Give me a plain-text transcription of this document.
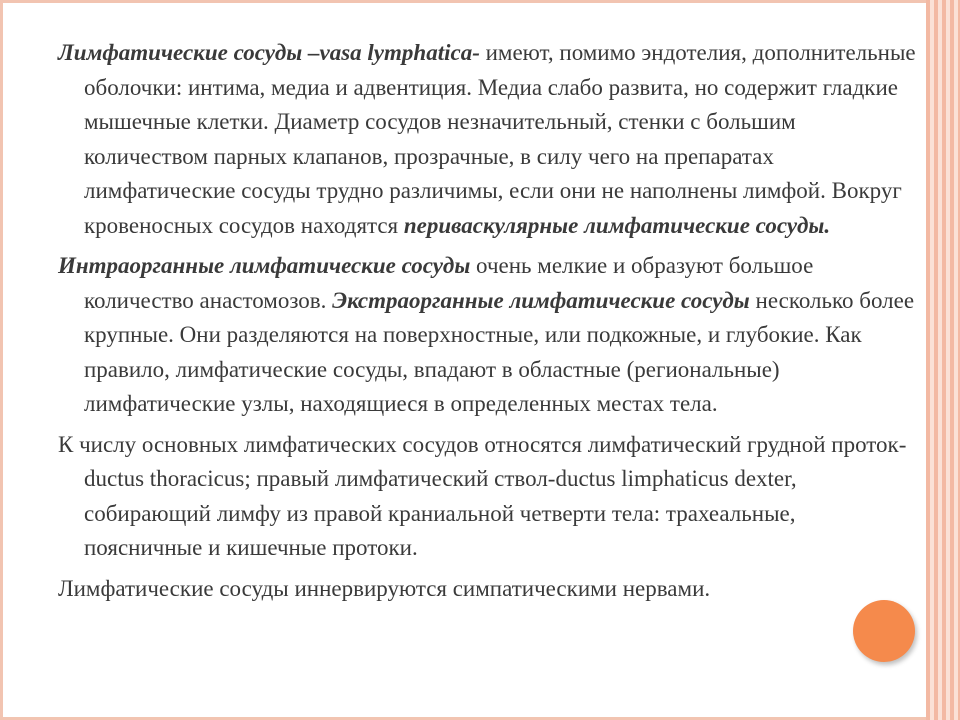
Лимфатические сосуды –vasa lymphatica- имеют, помимо эндотелия, дополнительные оболочки: интима, медиа и адвентиция. Медиа слабо развита, но содержит гладкие мышечные клетки. Диаметр сосудов незначительный, стенки с большим количеством парных клапанов, прозрачные, в силу чего на препаратах лимфатические сосуды трудно различимы, если они не наполнены лимфой. Вокруг кровеносных сосудов находятся периваскулярные лимфатические сосуды.

Интраорганные лимфатические сосуды очень мелкие и образуют большое количество анастомозов. Экстраорганные лимфатические сосуды несколько более крупные. Они разделяются на поверхностные, или подкожные, и глубокие. Как правило, лимфатические сосуды, впадают в областные (региональные) лимфатические узлы, находящиеся в определенных местах тела.

К числу основных лимфатических сосудов относятся лимфатический грудной проток-ductus thoracicus; правый лимфатический ствол-ductus limphaticus dexter, собирающий лимфу из правой краниальной четверти тела: трахеальные, поясничные и кишечные протоки.

Лимфатические сосуды иннервируются симпатическими нервами.
